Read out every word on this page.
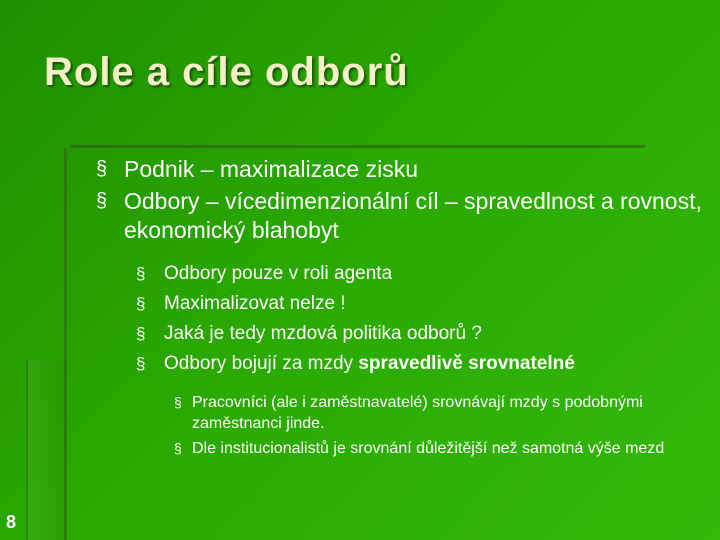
Role a cíle odborů
§ Podnik – maximalizace zisku
§ Odbory – vícedimenzionální cíl – spravedlnost a rovnost, ekonomický blahobyt
§ Odbory pouze v roli agenta
§ Maximalizovat nelze !
§ Jaká je tedy mzdová politika odborů ?
§ Odbory bojují za mzdy spravedlivě srovnatelné
§ Pracovníci (ale i zaměstnavatelé) srovnávají mzdy s podobnými zaměstnanci jinde.
§ Dle institucionalistů je srovnání důležitější než samotná výše mezd
8
